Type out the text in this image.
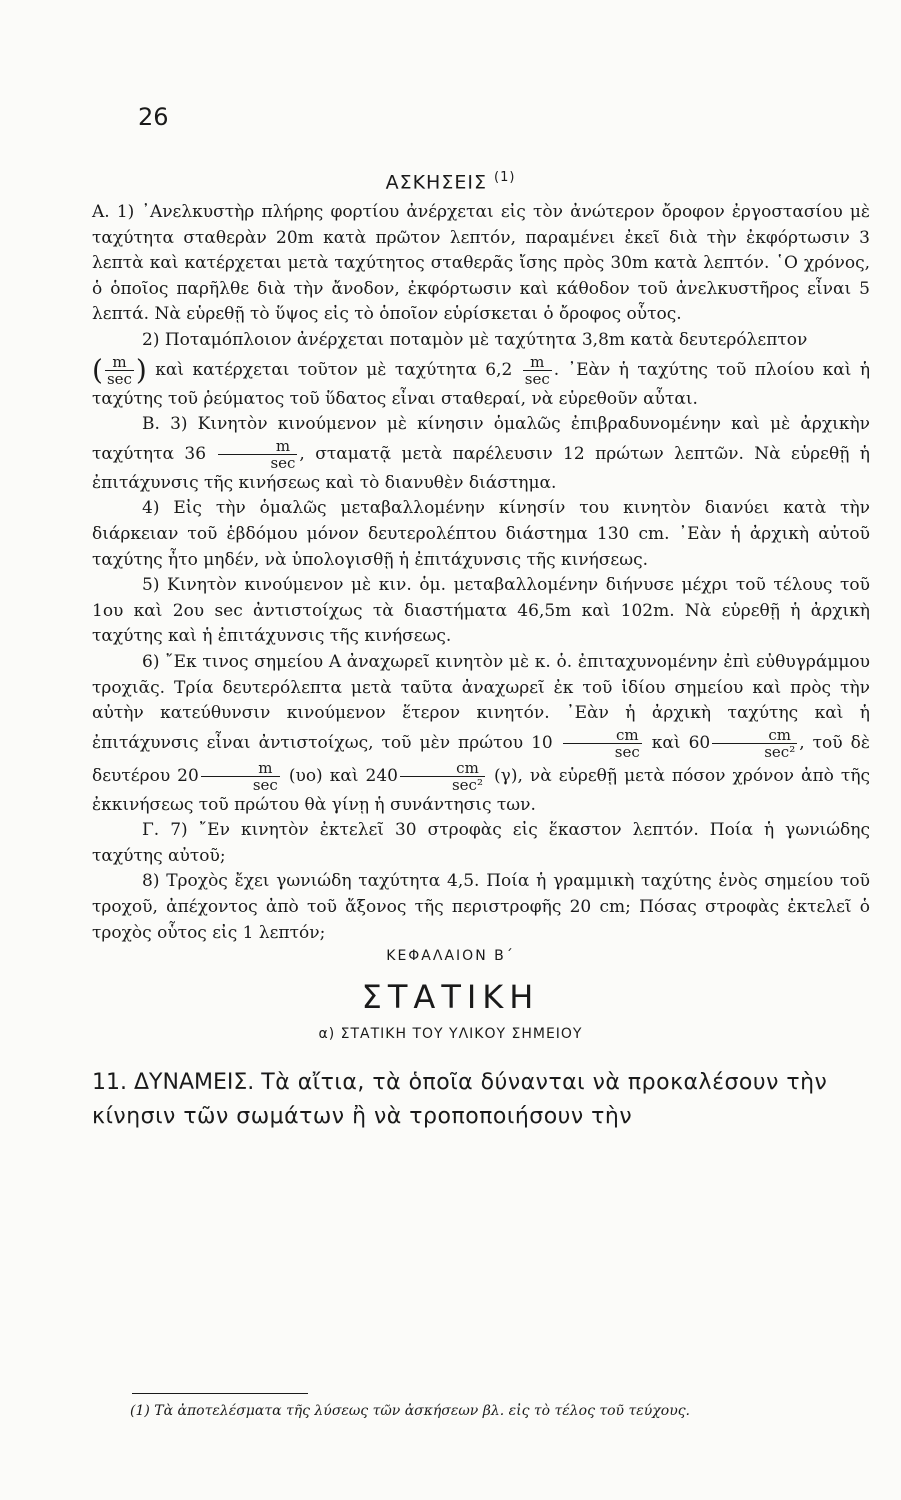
26
ΑΣΚΗΣΕΙΣ $^{(1)}$

Α. 1) ᾽Ανελκυστὴρ πλήρης φορτίου ἀνέρχεται εἰς τὸν ἀνώτερον ὄροφον ἐργοστασίου μὲ ταχύτητα σταθερὰν 20m κατὰ πρῶτον λεπτόν, παραμένει ἐκεῖ διὰ τὴν ἐκφόρτωσιν 3 λεπτὰ καὶ κατέρχεται μετὰ ταχύτητος σταθερᾶς ἴσης πρὸς 30m κατὰ λεπτόν. ῾Ο χρόνος, ὁ ὁποῖος παρῆλθε διὰ τὴν ἄνοδον, ἐκφόρτωσιν καὶ κάθοδον τοῦ ἀνελκυστῆρος εἶναι 5 λεπτά. Νὰ εὑρεθῇ τὸ ὕψος εἰς τὸ ὁποῖον εὑρίσκεται ὁ ὄροφος οὗτος.

2) Ποταμόπλοιον ἀνέρχεται ποταμὸν μὲ ταχύτητα 3,8m κατὰ δευτερόλεπτον

( $\frac{m}{\sec}$ ) καὶ κατέρχεται τοῦτον μὲ ταχύτητα $6,2 \frac{m}{\sec}$ . ᾽Εὰν ἡ ταχύτης τοῦ πλοίου καὶ ἡ ταχύτης τοῦ ῥεύματος τοῦ ὕδατος εἶναι σταθεραί, νὰ εὑρεθοῦν αὗται.

Β. 3) Κινητὸν κινούμενον μὲ κίνησιν ὁμαλῶς ἐπιβραδυνομένην καὶ μὲ ἀρχικὴν ταχύτητα $36 \frac{m}{\sec}$ , σταματᾷ μετὰ παρέλευσιν 12 πρώτων λεπτῶν. Νὰ εὑρεθῇ ἡ ἐπιτάχυνσις τῆς κινήσεως καὶ τὸ διανυθὲν διάστημα.

4) Εἰς τὴν ὁμαλῶς μεταβαλλομένην κίνησίν του κινητὸν διανύει κατὰ τὴν διάρκειαν τοῦ ἑβδόμου μόνον δευτερολέπτου διάστημα 130 cm. ᾽Εὰν ἡ ἀρχικὴ αὐτοῦ ταχύτης ἦτο μηδέν, νὰ ὑπολογισθῇ ἡ ἐπιτάχυνσις τῆς κινήσεως.

5) Κινητὸν κινούμενον μὲ κιν. ὁμ. μεταβαλλομένην διήνυσε μέχρι τοῦ τέλους τοῦ 1ου καὶ 2ου sec ἀντιστοίχως τὰ διαστήματα 46,5m καὶ 102m. Νὰ εὑρεθῇ ἡ ἀρχικὴ ταχύτης καὶ ἡ ἐπιτάχυνσις τῆς κινήσεως.

6) ῎Εκ τινος σημείου Α ἀναχωρεῖ κινητὸν μὲ κ. ὁ. ἐπιταχυνομένην ἐπὶ εὐθυγράμμου τροχιᾶς. Τρία δευτερόλεπτα μετὰ ταῦτα ἀναχωρεῖ ἐκ τοῦ ἰδίου σημείου καὶ πρὸς τὴν αὐτὴν κατεύθυνσιν κινούμενον ἕτερον κινητόν. ᾽Εὰν ἡ ἀρχικὴ ταχύτης καὶ ἡ ἐπιτάχυνσις εἶναι ἀντιστοίχως, τοῦ μὲν πρώτου $10 \frac{cm}{\sec}$ καὶ $60 \frac{cm}{\text{sec²}}$ , τοῦ δὲ δευτέρου $20 \frac{m}{\sec} (\upsilon o)$ καὶ $240 \frac{cm}{\text{sec²}} (\gamma)$, νὰ εὑρεθῇ μετὰ πόσον χρόνον ἀπὸ τῆς ἐκκινήσεως τοῦ πρώτου θὰ γίνῃ ἡ συνάντησις των.

Γ. 7) ῎Εν κινητὸν ἐκτελεῖ 30 στροφὰς εἰς ἕκαστον λεπτόν. Ποία ἡ γωνιώδης ταχύτης αὐτοῦ;

8) Τροχὸς ἔχει γωνιώδη ταχύτητα 4,5. Ποία ἡ γραμμικὴ ταχύτης ἑνὸς σημείου τοῦ τροχοῦ, ἀπέχοντος ἀπὸ τοῦ ἄξονος τῆς περιστροφῆς 20 cm; Πόσας στροφὰς ἐκτελεῖ ὁ τροχὸς οὗτος εἰς 1 λεπτόν;

ΚΕΦΑΛΑΙΟΝ Β΄
ΣΤΑΤΙΚΗ
α) ΣΤΑΤΙΚΗ ΤΟΥ ΥΛΙΚΟΥ ΣΗΜΕΙΟΥ
11. ΔΥΝΑΜΕΙΣ. Τὰ αἴτια, τὰ ὁποῖα δύνανται νὰ προκαλέσουν τὴν κίνησιν τῶν σωμάτων ἢ νὰ τροποποιήσουν τὴν
(1) Τὰ ἀποτελέσματα τῆς λύσεως τῶν ἀσκήσεων βλ. εἰς τὸ τέλος τοῦ τεύχους.
